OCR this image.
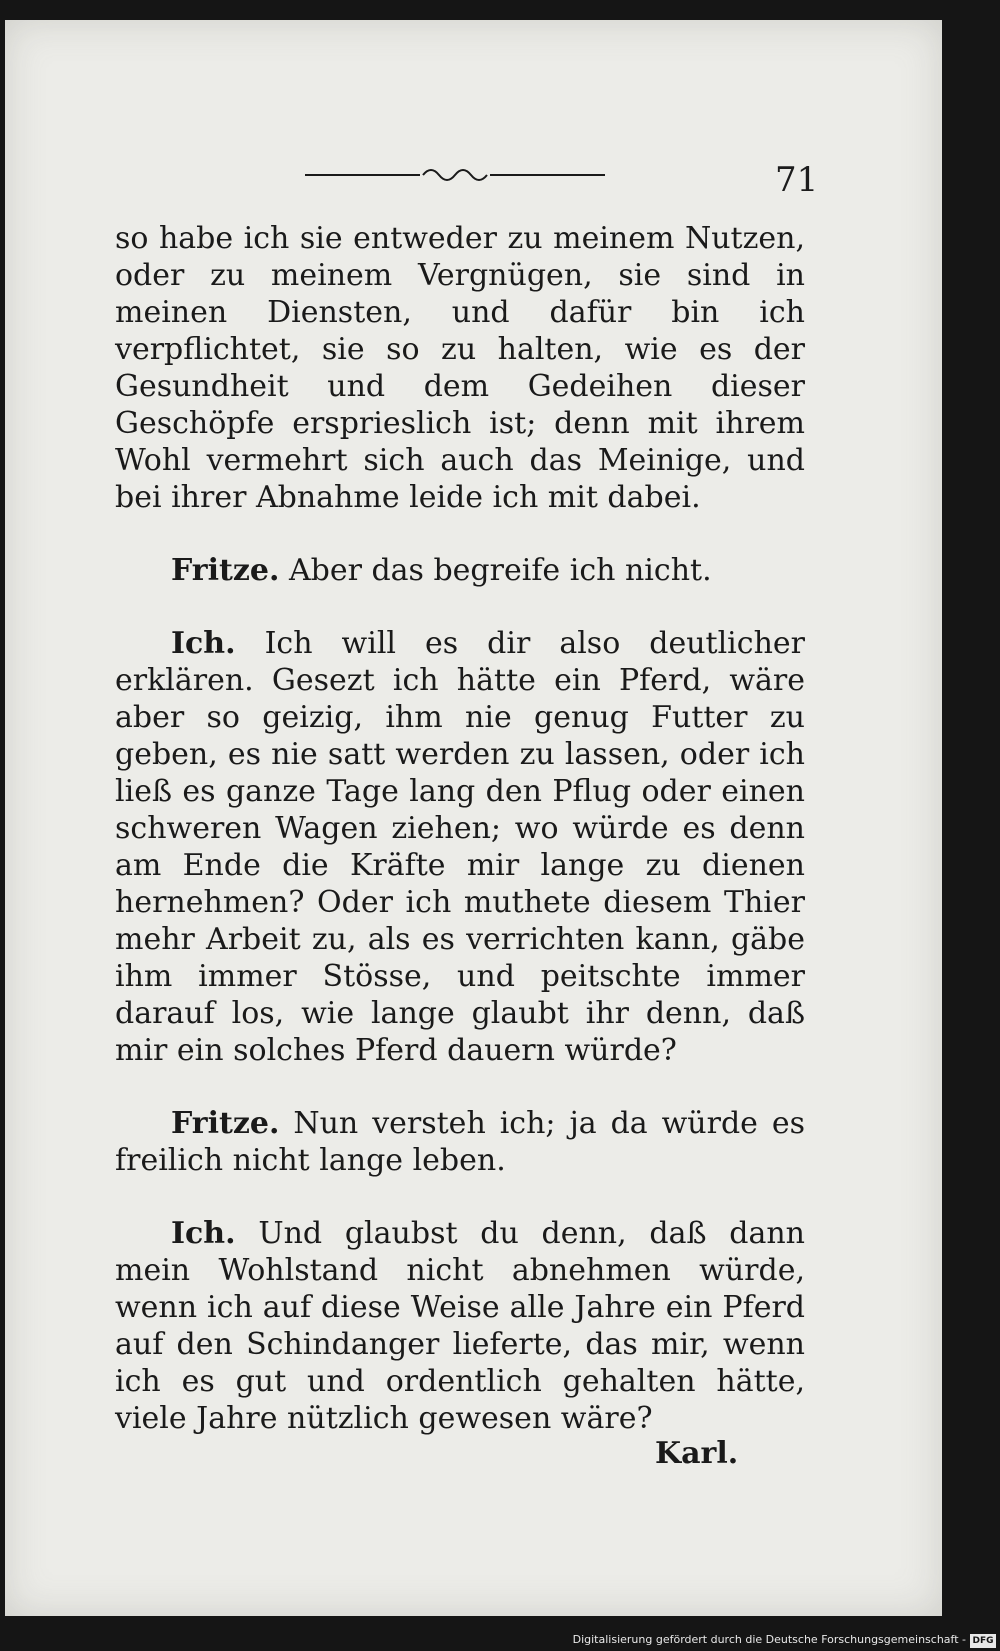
71

so habe ich sie entweder zu meinem Nutzen, oder zu meinem Vergnügen, sie sind in meinen Diensten, und dafür bin ich verpflichtet, sie so zu halten, wie es der Gesundheit und dem Gedeihen dieser Geschöpfe ersprieslich ist; denn mit ihrem Wohl vermehrt sich auch das Meinige, und bei ihrer Abnahme leide ich mit dabei.

Fritze. Aber das begreife ich nicht.

Ich. Ich will es dir also deutlicher erklären. Gesezt ich hätte ein Pferd, wäre aber so geizig, ihm nie genug Futter zu geben, es nie satt werden zu lassen, oder ich ließ es ganze Tage lang den Pflug oder einen schweren Wagen ziehen; wo würde es denn am Ende die Kräfte mir lange zu dienen hernehmen? Oder ich muthete diesem Thier mehr Arbeit zu, als es verrichten kann, gäbe ihm immer Stösse, und peitschte immer darauf los, wie lange glaubt ihr denn, daß mir ein solches Pferd dauern würde?

Fritze. Nun versteh ich; ja da würde es freilich nicht lange leben.

Ich. Und glaubst du denn, daß dann mein Wohlstand nicht abnehmen würde, wenn ich auf diese Weise alle Jahre ein Pferd auf den Schindanger lieferte, das mir, wenn ich es gut und ordentlich gehalten hätte, viele Jahre nützlich gewesen wäre?

Karl.
Digitalisierung gefördert durch die Deutsche Forschungsgemeinschaft - DFG
